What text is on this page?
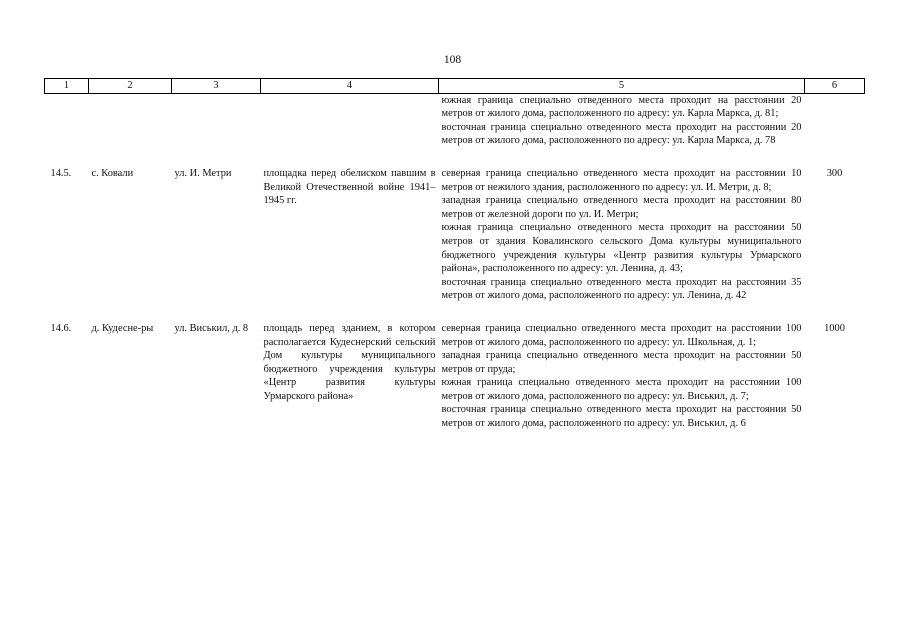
108
1	2	3	4	5	6

				южная граница специально отведенного места проходит на расстоянии 20 метров от жилого дома, расположенного по адресу: ул. Карла Маркса, д. 81;
восточная граница специально отведенного места проходит на расстоянии 20 метров от жилого дома, расположенного по адресу: ул. Карла Маркса, д. 78	

14.5.	с. Ковали	ул. И. Метри	площадка перед обелиском павшим в Великой Отечественной войне 1941–1945 гг.	северная граница специально отведенного места проходит на расстоянии 10 метров от нежилого здания, расположенного по адресу: ул. И. Метри, д. 8;
западная граница специально отведенного места проходит на расстоянии 80 метров от железной дороги по ул. И. Метри;
южная граница специально отведенного места проходит на расстоянии 50 метров от здания Ковалинского сельского Дома культуры муниципального бюджетного учреждения культуры «Центр развития культуры Урмарского района», расположенного по адресу: ул. Ленина, д. 43;
восточная граница специально отведенного места проходит на расстоянии 35 метров от жилого дома, расположенного по адресу: ул. Ленина, д. 42	300

14.6.	д. Кудесне-ры	ул. Виськил, д. 8	площадь перед зданием, в котором располагается Кудеснерский сельский Дом культуры муниципального бюджетного учреждения культуры «Центр развития культуры Урмарского района»	северная граница специально отведенного места проходит на расстоянии 100 метров от жилого дома, расположенного по адресу: ул. Школьная, д. 1;
западная граница специально отведенного места проходит на расстоянии 50 метров от пруда;
южная граница специально отведенного места проходит на расстоянии 100 метров от жилого дома, расположенного по адресу: ул. Виськил, д. 7;
восточная граница специально отведенного места проходит на расстоянии 50 метров от жилого дома, расположенного по адресу: ул. Виськил, д. 6	1000
